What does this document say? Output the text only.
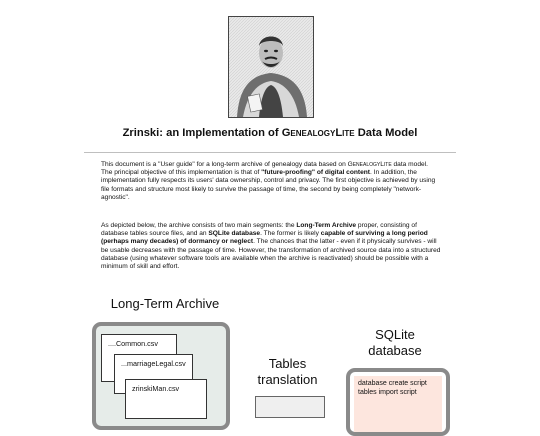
Zrinski: an Implementation of GenealogyLite Data Model

This document is a "User guide" for a long-term archive of genealogy data based on GenealogyLite data model. The principal objective of this implementation is that of "future-proofing" of digital content. In addition, the implementation fully respects its users' data ownership, control and privacy. The first objective is achieved by using file formats and structure most likely to survive the passage of time, the second by being completely "network-agnostic".

As depicted below, the archive consists of two main segments: the Long-Term Archive proper, consisting of database tables source files, and an SQLite database. The former is likely capable of surviving a long period (perhaps many decades) of dormancy or neglect. The chances that the latter - even if it physically survives - will be usable decreases with the passage of time. However, the transformation of archived source data into a structured database (using whatever software tools are available when the archive is reactivated) should be possible with a minimum of skill and effort.

Long-Term Archive
....Common.csv
...marriageLegal.csv
zrinskiMan.csv
Tables
translation
SQLite
database
database create script
tables import script
